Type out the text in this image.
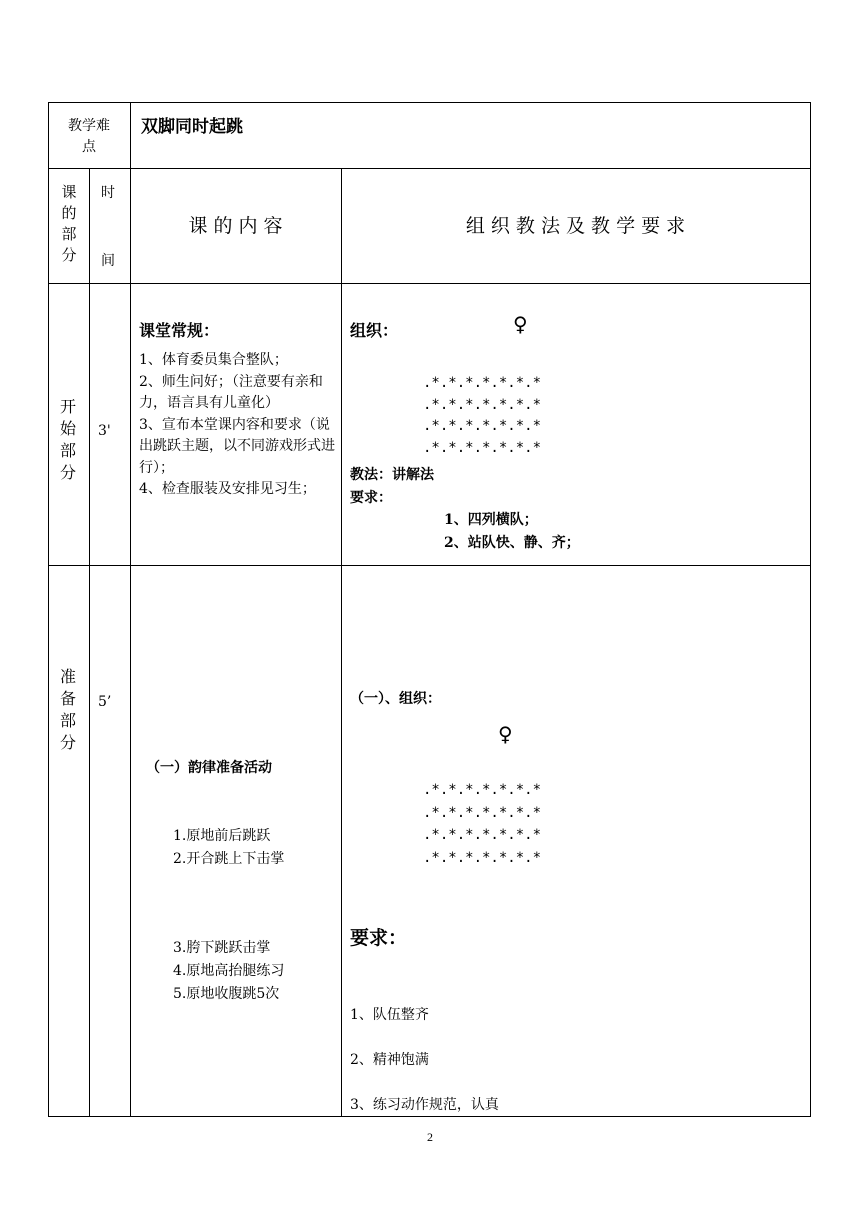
教学难点
双脚同时起跳
课的部分
时
间
课 的 内 容	组 织 教 法 及 教 学 要 求
开始部分
3'
课堂常规：
1、体育委员集合整队；
2、师生问好；（注意要有亲和力，语言具有儿童化）
3、宣布本堂课内容和要求（说出跳跃主题，以不同游戏形式进行）；
4、检查服装及安排见习生；
组织：	♀
.*.*.*.*.*.*.*
.*.*.*.*.*.*.*
.*.*.*.*.*.*.*
.*.*.*.*.*.*.*
教法：讲解法
要求：
1、四列横队；
2、站队快、静、齐；
准备部分
5’
（一）韵律准备活动
1.原地前后跳跃
2.开合跳上下击掌
3.胯下跳跃击掌
4.原地高抬腿练习
5.原地收腹跳5次
（一）、组织：
♀
.*.*.*.*.*.*.*
.*.*.*.*.*.*.*
.*.*.*.*.*.*.*
.*.*.*.*.*.*.*
要求：
1、队伍整齐
2、精神饱满
3、练习动作规范，认真
2
